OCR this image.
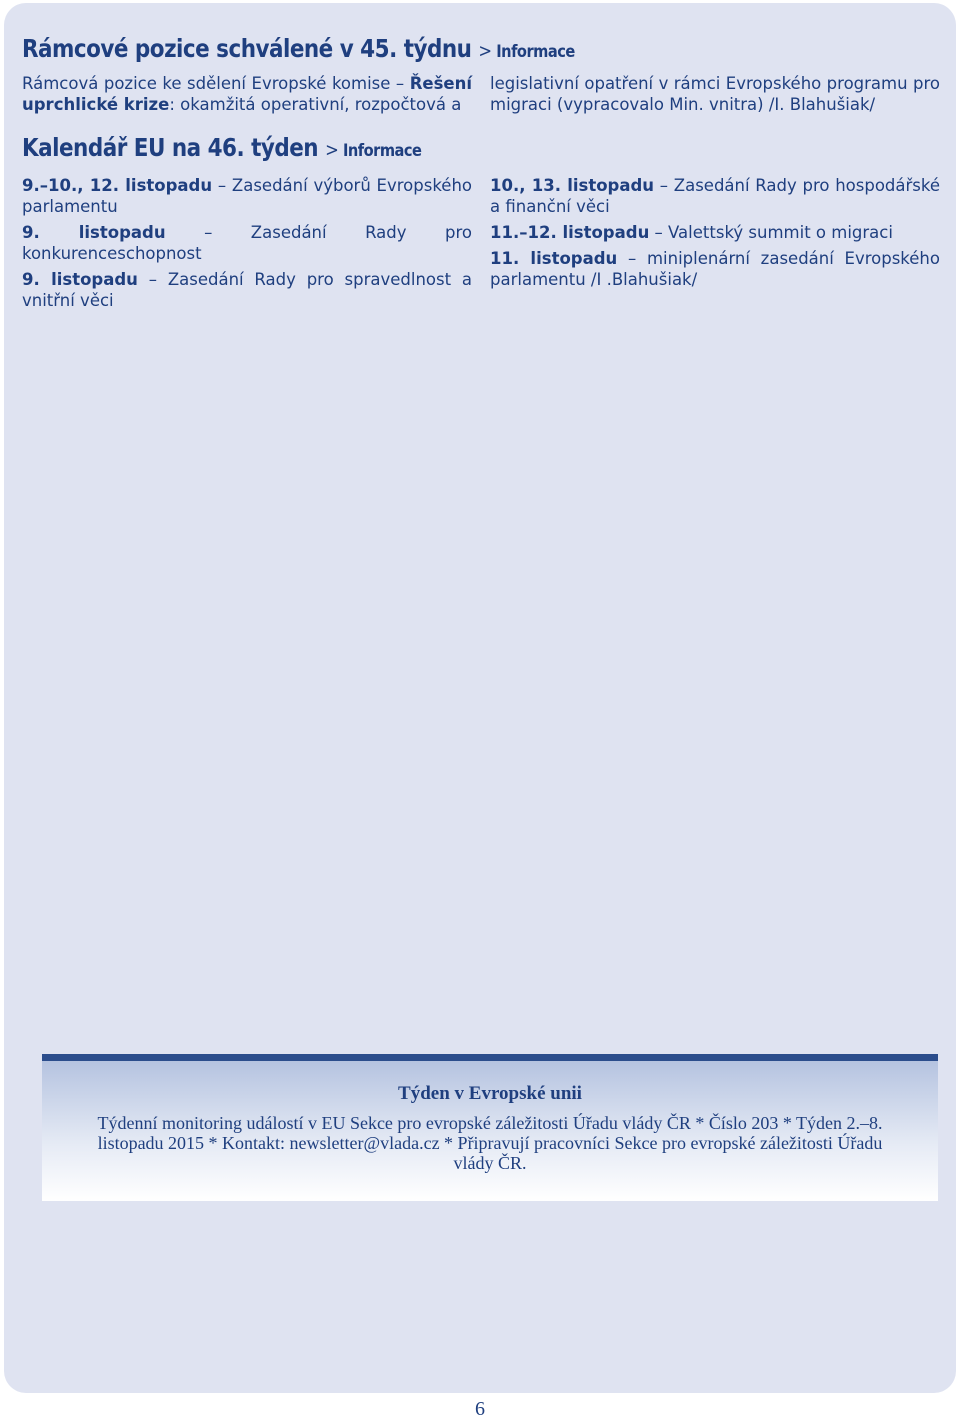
Rámcové pozice schválené v 45. týdnu > Informace
Rámcová pozice ke sdělení Evropské komise – Řešení uprchlické krize: okamžitá operativní, rozpočtová a
legislativní opatření v rámci Evropského programu pro migraci (vypracovalo Min. vnitra) /I. Blahušiak/
Kalendář EU na 46. týden > Informace
9.–10., 12. listopadu – Zasedání výborů Evropského parlamentu
9. listopadu – Zasedání Rady pro konkurenceschopnost
9. listopadu – Zasedání Rady pro spravedlnost a vnitřní věci
10., 13. listopadu – Zasedání Rady pro hospodářské a finanční věci
11.–12. listopadu – Valettský summit o migraci
11. listopadu – miniplenární zasedání Evropského parlamentu /I .Blahušiak/
Týden v Evropské unii
Týdenní monitoring událostí v EU Sekce pro evropské záležitosti Úřadu vlády ČR * Číslo 203 * Týden 2.–8. listopadu 2015 * Kontakt: newsletter@vlada.cz * Připravují pracovníci Sekce pro evropské záležitosti Úřadu vlády ČR.
6
